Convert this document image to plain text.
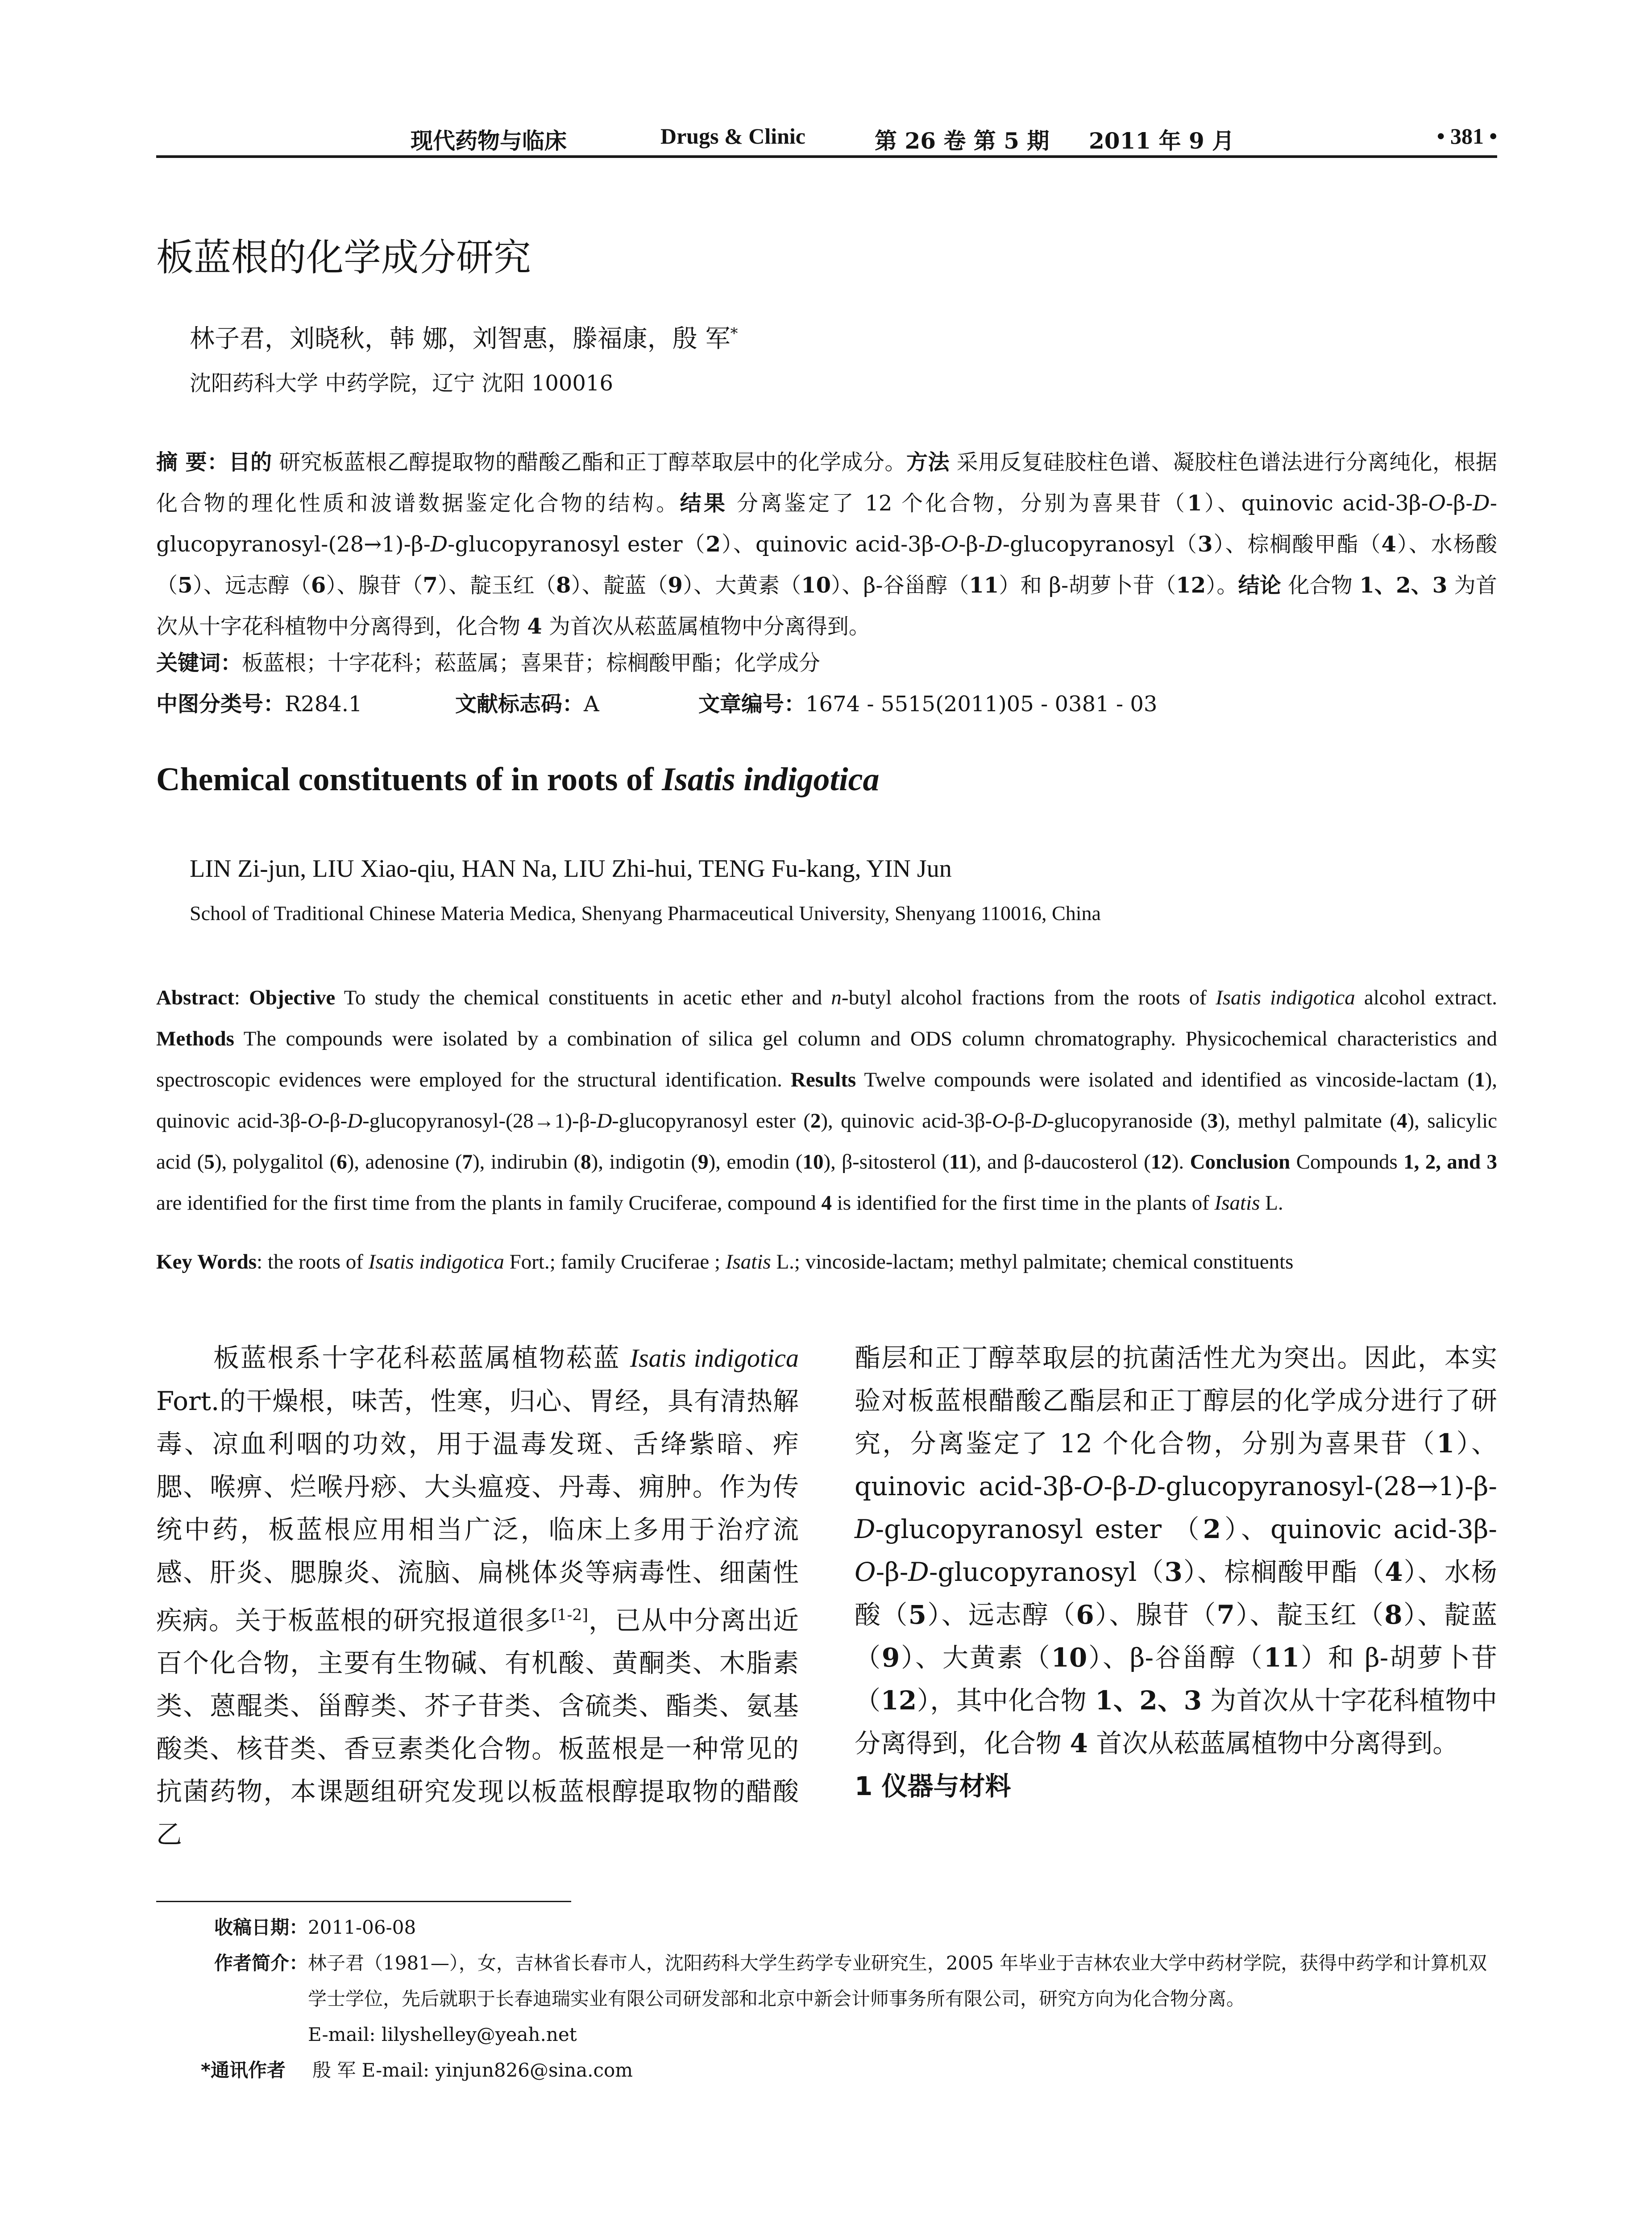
现代药物与临床	Drugs & Clinic	第 26 卷 第 5 期 2011 年 9 月	• 381 •
板蓝根的化学成分研究
林子君，刘晓秋，韩 娜，刘智惠，滕福康，殷 军*
沈阳药科大学 中药学院，辽宁 沈阳 100016
摘 要：目的 研究板蓝根乙醇提取物的醋酸乙酯和正丁醇萃取层中的化学成分。方法 采用反复硅胶柱色谱、凝胶柱色谱法进行分离纯化，根据化合物的理化性质和波谱数据鉴定化合物的结构。结果 分离鉴定了 12 个化合物，分别为喜果苷（1）、quinovic acid-3β-O-β-D-glucopyranosyl-(28→1)-β-D-glucopyranosyl ester（2）、quinovic acid-3β-O-β-D-glucopyranosyl（3）、棕榈酸甲酯（4）、水杨酸（5）、远志醇（6）、腺苷（7）、靛玉红（8）、靛蓝（9）、大黄素（10）、β-谷甾醇（11）和 β-胡萝卜苷（12）。结论 化合物 1、2、3 为首次从十字花科植物中分离得到，化合物 4 为首次从菘蓝属植物中分离得到。
关键词：板蓝根；十字花科；菘蓝属；喜果苷；棕榈酸甲酯；化学成分
中图分类号：R284.1	文献标志码：A	文章编号：1674 - 5515(2011)05 - 0381 - 03
Chemical constituents of in roots of Isatis indigotica
LIN Zi-jun, LIU Xiao-qiu, HAN Na, LIU Zhi-hui, TENG Fu-kang, YIN Jun
School of Traditional Chinese Materia Medica, Shenyang Pharmaceutical University, Shenyang 110016, China
Abstract: Objective To study the chemical constituents in acetic ether and n-butyl alcohol fractions from the roots of Isatis indigotica alcohol extract. Methods The compounds were isolated by a combination of silica gel column and ODS column chromatography. Physicochemical characteristics and spectroscopic evidences were employed for the structural identification. Results Twelve compounds were isolated and identified as vincoside-lactam (1), quinovic acid-3β-O-β-D-glucopyranosyl-(28→1)-β-D-glucopyranosyl ester (2), quinovic acid-3β-O-β-D-glucopyranoside (3), methyl palmitate (4), salicylic acid (5), polygalitol (6), adenosine (7), indirubin (8), indigotin (9), emodin (10), β-sitosterol (11), and β-daucosterol (12). Conclusion Compounds 1, 2, and 3 are identified for the first time from the plants in family Cruciferae, compound 4 is identified for the first time in the plants of Isatis L.
Key Words: the roots of Isatis indigotica Fort.; family Cruciferae ; Isatis L.; vincoside-lactam; methyl palmitate; chemical constituents
板蓝根系十字花科菘蓝属植物菘蓝 Isatis indigotica Fort.的干燥根，味苦，性寒，归心、胃经，具有清热解毒、凉血利咽的功效，用于温毒发斑、舌绛紫暗、痄腮、喉痹、烂喉丹痧、大头瘟疫、丹毒、痈肿。作为传统中药，板蓝根应用相当广泛，临床上多用于治疗流感、肝炎、腮腺炎、流脑、扁桃体炎等病毒性、细菌性疾病。关于板蓝根的研究报道很多[1-2]，已从中分离出近百个化合物，主要有生物碱、有机酸、黄酮类、木脂素类、蒽醌类、甾醇类、芥子苷类、含硫类、酯类、氨基酸类、核苷类、香豆素类化合物。板蓝根是一种常见的抗菌药物，本课题组研究发现以板蓝根醇提取物的醋酸乙
酯层和正丁醇萃取层的抗菌活性尤为突出。因此，本实验对板蓝根醋酸乙酯层和正丁醇层的化学成分进行了研究，分离鉴定了 12 个化合物，分别为喜果苷（1）、quinovic acid-3β-O-β-D-glucopyranosyl-(28→1)-β-D-glucopyranosyl ester （2）、quinovic acid-3β-O-β-D-glucopyranosyl（3）、棕榈酸甲酯（4）、水杨酸（5）、远志醇（6）、腺苷（7）、靛玉红（8）、靛蓝（9）、大黄素（10）、β-谷甾醇（11）和 β-胡萝卜苷（12），其中化合物 1、2、3 为首次从十字花科植物中分离得到，化合物 4 首次从菘蓝属植物中分离得到。
1 仪器与材料
收稿日期： 2011-06-08
作者简介： 林子君（1981—），女，吉林省长春市人，沈阳药科大学生药学专业研究生，2005 年毕业于吉林农业大学中药材学院，获得中药学和计算机双学士学位，先后就职于长春迪瑞实业有限公司研发部和北京中新会计师事务所有限公司，研究方向为化合物分离。
E-mail: lilyshelley@yeah.net
*通讯作者	殷 军 E-mail: yinjun826@sina.com
